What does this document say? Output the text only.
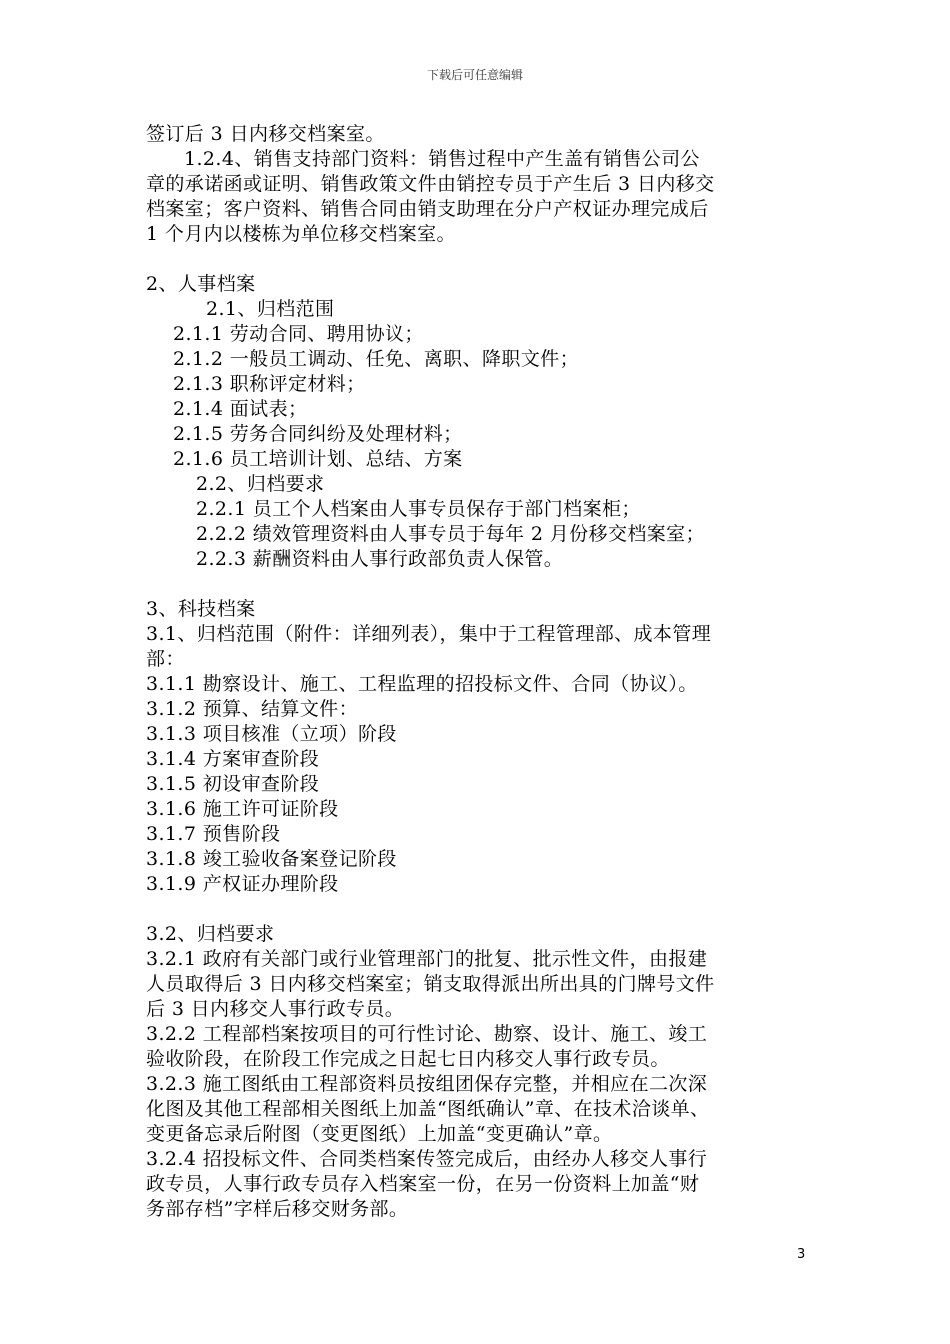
下载后可任意编辑
签订后 3 日内移交档案室。
1.2.4、销售支持部门资料：销售过程中产生盖有销售公司公
章的承诺函或证明、销售政策文件由销控专员于产生后 3 日内移交
档案室；客户资料、销售合同由销支助理在分户产权证办理完成后
1 个月内以楼栋为单位移交档案室。
2、人事档案
2.1、归档范围
2.1.1 劳动合同、聘用协议；
2.1.2 一般员工调动、任免、离职、降职文件；
2.1.3 职称评定材料；
2.1.4 面试表；
2.1.5 劳务合同纠纷及处理材料；
2.1.6 员工培训计划、总结、方案
2.2、归档要求
2.2.1 员工个人档案由人事专员保存于部门档案柜；
2.2.2 绩效管理资料由人事专员于每年 2 月份移交档案室；
2.2.3 薪酬资料由人事行政部负责人保管。
3、科技档案
3.1、归档范围（附件：详细列表），集中于工程管理部、成本管理
部：
3.1.1 勘察设计、施工、工程监理的招投标文件、合同（协议）。
3.1.2 预算、结算文件：
3.1.3 项目核准（立项）阶段
3.1.4 方案审查阶段
3.1.5 初设审查阶段
3.1.6 施工许可证阶段
3.1.7 预售阶段
3.1.8 竣工验收备案登记阶段
3.1.9 产权证办理阶段
3.2、归档要求
3.2.1 政府有关部门或行业管理部门的批复、批示性文件，由报建
人员取得后 3 日内移交档案室；销支取得派出所出具的门牌号文件
后 3 日内移交人事行政专员。
3.2.2 工程部档案按项目的可行性讨论、勘察、设计、施工、竣工
验收阶段，在阶段工作完成之日起七日内移交人事行政专员。
3.2.3 施工图纸由工程部资料员按组团保存完整，并相应在二次深
化图及其他工程部相关图纸上加盖“图纸确认”章、在技术洽谈单、
变更备忘录后附图（变更图纸）上加盖“变更确认”章。
3.2.4 招投标文件、合同类档案传签完成后，由经办人移交人事行
政专员，人事行政专员存入档案室一份，在另一份资料上加盖“财
务部存档”字样后移交财务部。
3
